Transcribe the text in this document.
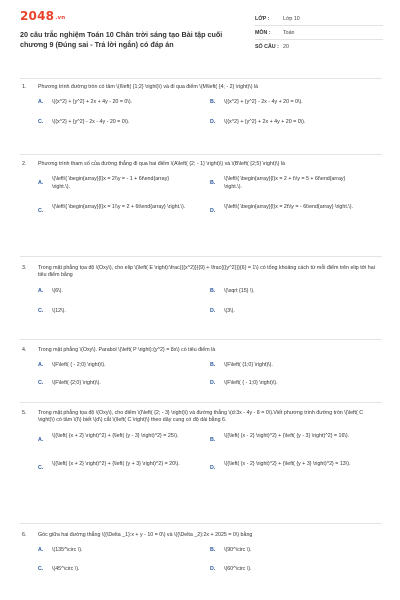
2048.vn
20 câu trắc nghiệm Toán 10 Chân trời sáng tạo Bài tập cuối chương 9 (Đúng sai - Trả lời ngắn) có đáp án
LỚP :	Lớp 10
MÔN :	Toán
SỐ CÂU : 20
1. Phương trình đường tròn có tâm \(I\left( {1;2} \right)\) và đi qua điểm \(M\left( {4; - 2} \right)\) là
A.	\({x^2} + {y^2} + 2x + 4y - 20 = 0\).	B.	\({x^2} + {y^2} - 2x - 4y + 20 = 0\).
C.	\({x^2} + {y^2} - 2x - 4y - 20 = 0\).	D.	\({x^2} + {y^2} + 2x + 4y + 20 = 0\).
2. Phương trình tham số của đường thẳng đi qua hai điểm \(A\left( {2; - 1} \right)\) và \(B\left( {2;5} \right)\) là
A.
\(\left\{ \begin{array}{l}x = 2\\y = - 1 + 6t\end{array} \right.\).
B.
\(\left\{ \begin{array}{l}x = 2 + t\\y = 5 + 6t\end{array} \right.\).
C.
\(\left\{ \begin{array}{l}x = 1\\y = 2 + 6t\end{array} \right.\).
D.
\(\left\{ \begin{array}{l}x = 2t\\y = - 6t\end{array} \right.\).
3. Trong mặt phẳng tọa độ \(Oxy\), cho elip \(\left( E \right):\frac{{{x^2}}}{9} + \frac{{{y^2}}}{6} = 1\) có tổng khoảng cách từ mỗi điểm trên elip tới hai tiêu điểm bằng
A.	\(6\).	B.	\(\sqrt {15} \).
C.	\(12\).	D.	\(3\).
4. Trong mặt phẳng \(Oxy\). Parabol \(\left( P \right):{y^2} = 8x\) có tiêu điểm là
A.	\(F\left( { - 2;0} \right)\).	B.	\(F\left( {1;0} \right)\).
C.	\(F\left( {2;0} \right)\).	D.	\(F\left( { - 1;0} \right)\).
5. Trong mặt phẳng tọa độ \(Oxy\), cho điểm \(I\left( {2; - 3} \right)\) và đường thẳng \(d:3x - 4y - 8 = 0\).Viết phương trình đường tròn \(\left( C \right)\) có tâm \(I\) biết \(d\) cắt \(\left( C \right)\) theo dây cung có độ dài bằng 6.
A.
\({\left( {x + 2} \right)^2} + {\left( {y - 3} \right)^2} = 25\).
B.
\({\left( {x - 2} \right)^2} + {\left( {y - 3} \right)^2} = 16\).
C.
\({\left( {x + 2} \right)^2} + {\left( {y + 3} \right)^2} = 20\).
D.
\({\left( {x - 2} \right)^2} + {\left( {y + 3} \right)^2} = 13\).
6. Góc giữa hai đường thẳng \({\Delta _1}:x + y - 10 = 0\) và \({\Delta _2}:2x + 2025 = 0\) bằng
A.	\(135^\circ \).	B.	\(90^\circ \).
C.	\(45^\circ \).	D.	\(60^\circ \).
